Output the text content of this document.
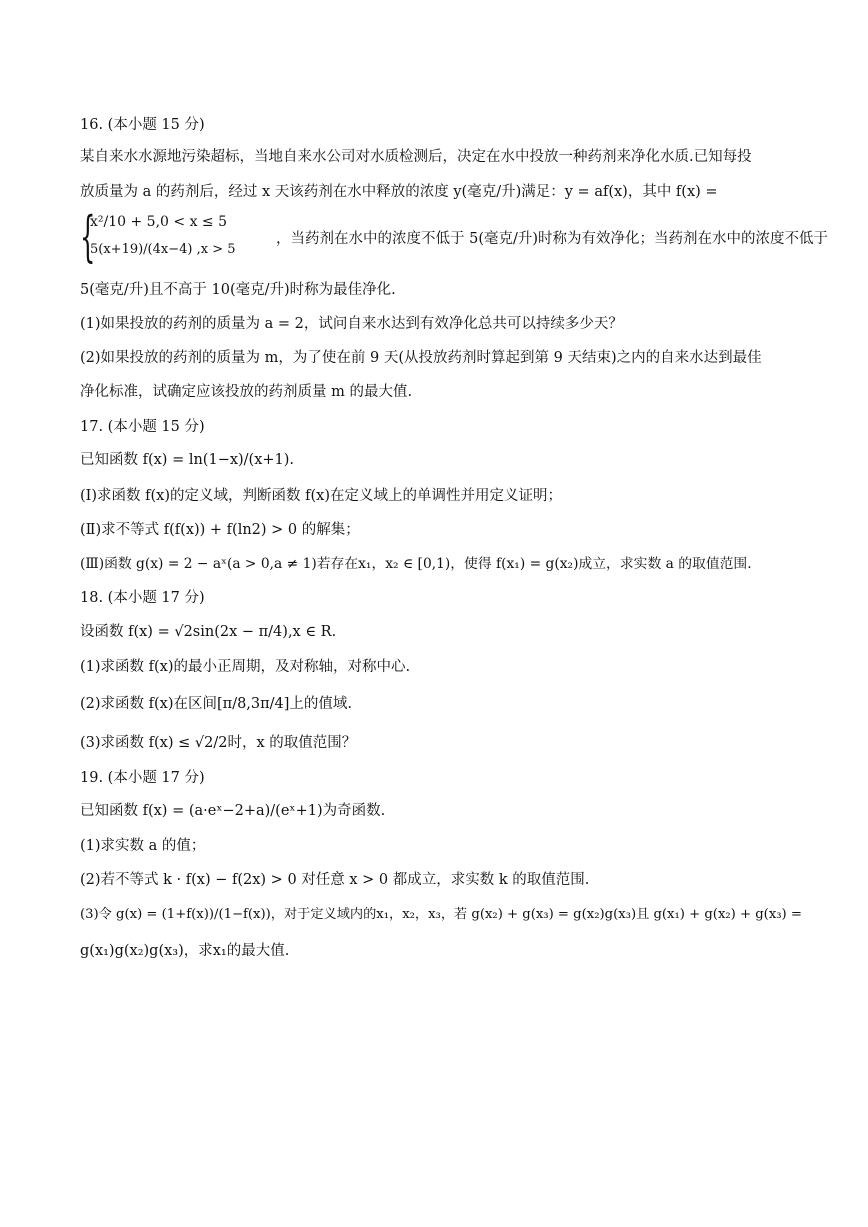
16. (本小题 15 分)
某自来水水源地污染超标，当地自来水公司对水质检测后，决定在水中投放一种药剂来净化水质.已知每投
放质量为 a 的药剂后，经过 x 天该药剂在水中释放的浓度 y(毫克/升)满足：y = af(x)，其中 f(x) =
{
x²/10 + 5,0 < x ≤ 5
5(x+19)/(4x−4) ,x > 5
，当药剂在水中的浓度不低于 5(毫克/升)时称为有效净化；当药剂在水中的浓度不低于
5(毫克/升)且不高于 10(毫克/升)时称为最佳净化.
(1)如果投放的药剂的质量为 a = 2，试问自来水达到有效净化总共可以持续多少天？
(2)如果投放的药剂的质量为 m，为了使在前 9 天(从投放药剂时算起到第 9 天结束)之内的自来水达到最佳
净化标准，试确定应该投放的药剂质量 m 的最大值.
17. (本小题 15 分)
已知函数 f(x) = ln(1−x)/(x+1).
(Ⅰ)求函数 f(x)的定义域，判断函数 f(x)在定义域上的单调性并用定义证明；
(Ⅱ)求不等式 f(f(x)) + f(ln2) > 0 的解集；
(Ⅲ)函数 g(x) = 2 − aˣ(a > 0,a ≠ 1)若存在x₁，x₂ ∈ [0,1)，使得 f(x₁) = g(x₂)成立，求实数 a 的取值范围.
18. (本小题 17 分)
设函数 f(x) = √2sin(2x − π/4),x ∈ R.
(1)求函数 f(x)的最小正周期，及对称轴，对称中心.
(2)求函数 f(x)在区间[π/8,3π/4]上的值域.
(3)求函数 f(x) ≤ √2/2时，x 的取值范围？
19. (本小题 17 分)
已知函数 f(x) = (a·eˣ−2+a)/(eˣ+1)为奇函数.
(1)求实数 a 的值；
(2)若不等式 k · f(x) − f(2x) > 0 对任意 x > 0 都成立，求实数 k 的取值范围.
(3)令 g(x) = (1+f(x))/(1−f(x))，对于定义域内的x₁，x₂，x₃，若 g(x₂) + g(x₃) = g(x₂)g(x₃)且 g(x₁) + g(x₂) + g(x₃) =
g(x₁)g(x₂)g(x₃)，求x₁的最大值.
